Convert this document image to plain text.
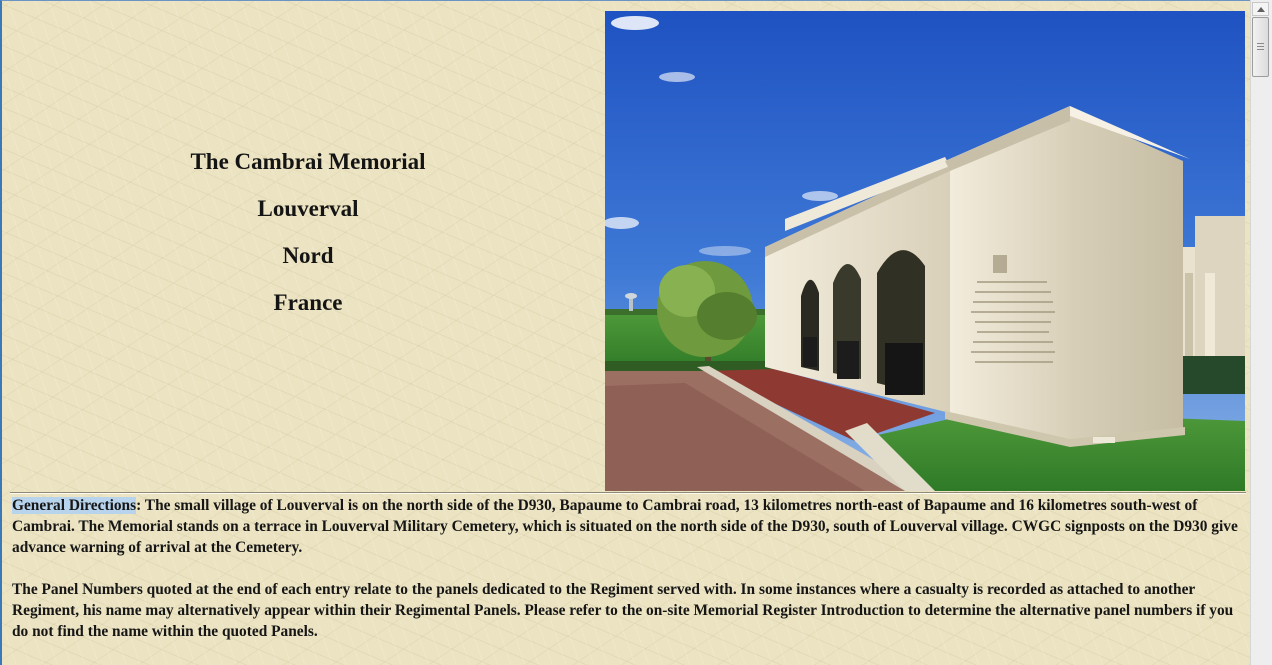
The Cambrai Memorial
Louverval
Nord
France

General Directions: The small village of Louverval is on the north side of the D930, Bapaume to Cambrai road, 13 kilometres north-east of Bapaume and 16 kilometres south-west of Cambrai. The Memorial stands on a terrace in Louverval Military Cemetery, which is situated on the north side of the D930, south of Louverval village. CWGC signposts on the D930 give advance warning of arrival at the Cemetery.

The Panel Numbers quoted at the end of each entry relate to the panels dedicated to the Regiment served with. In some instances where a casualty is recorded as attached to another Regiment, his name may alternatively appear within their Regimental Panels. Please refer to the on-site Memorial Register Introduction to determine the alternative panel numbers if you do not find the name within the quoted Panels.
